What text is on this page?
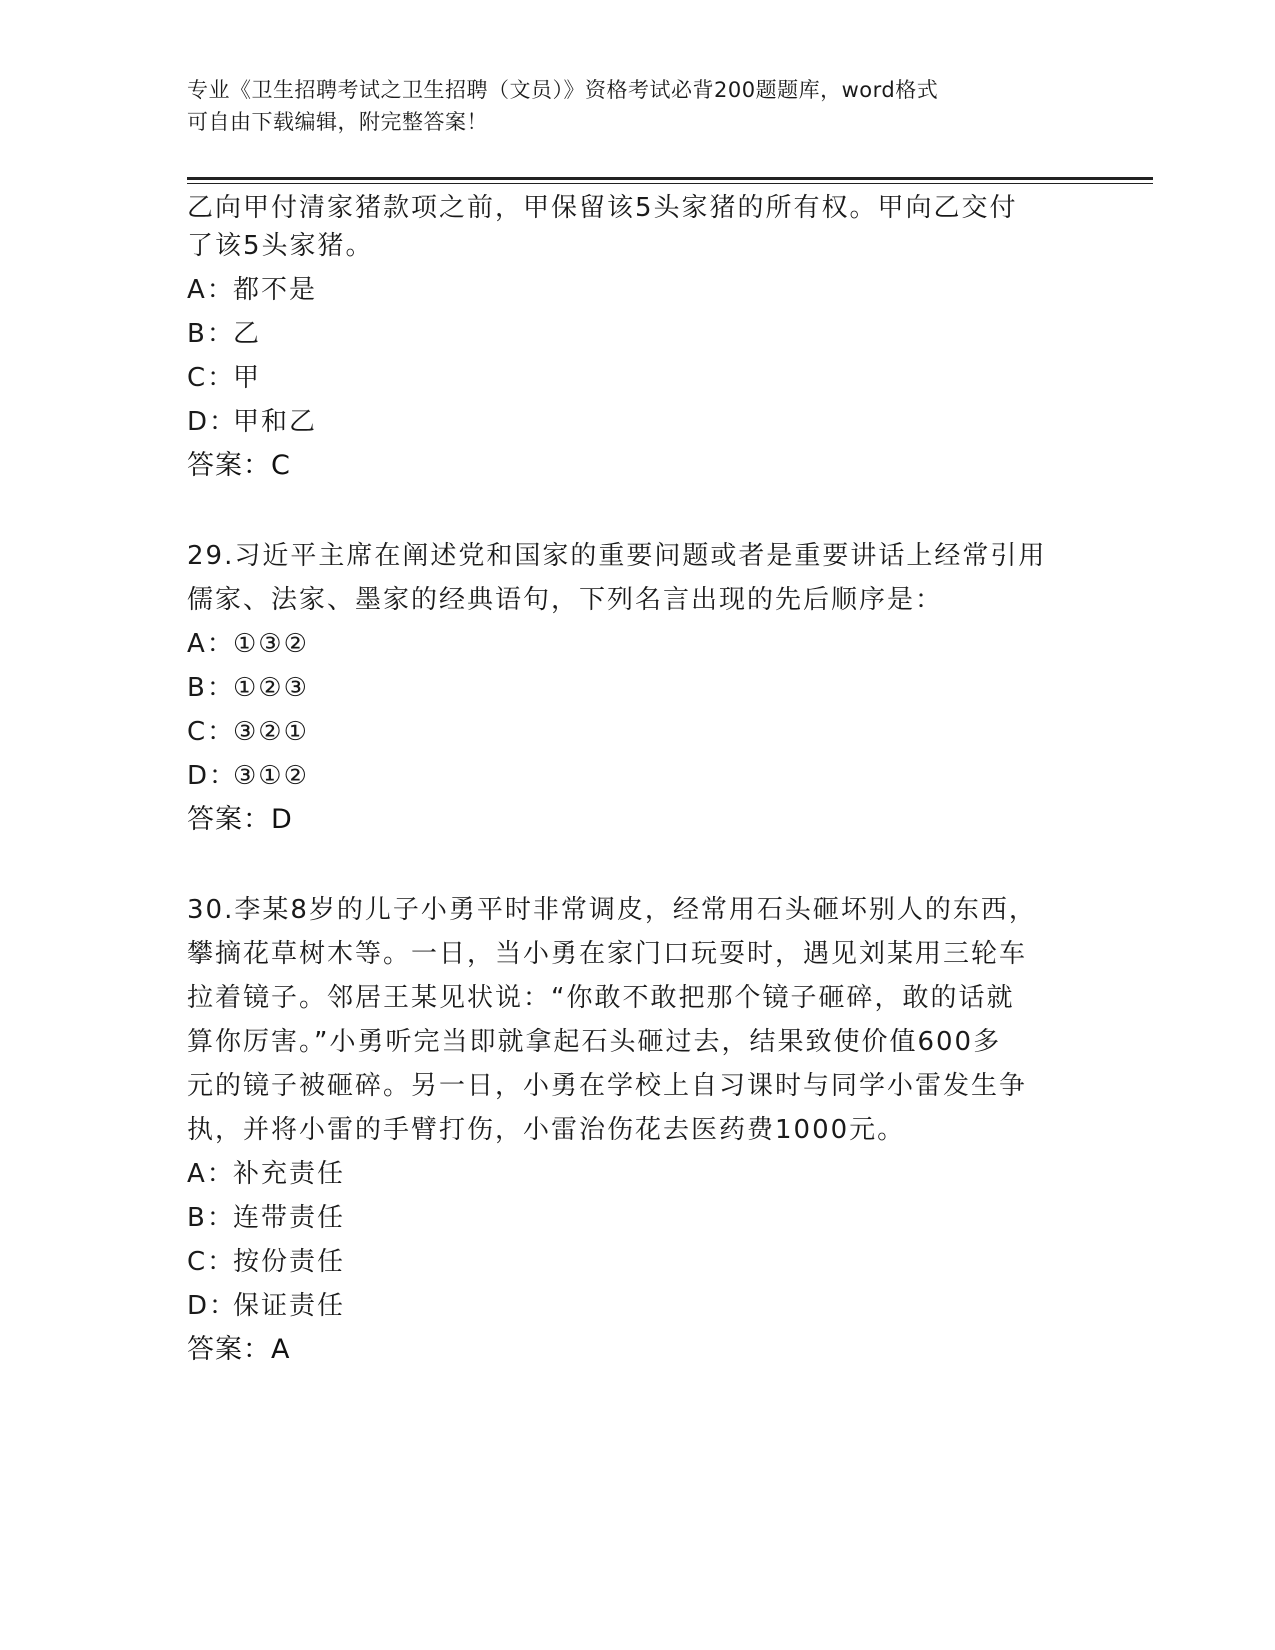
专业《卫生招聘考试之卫生招聘（文员）》资格考试必背200题题库，word格式
可自由下载编辑，附完整答案！
乙向甲付清家猪款项之前，甲保留该5头家猪的所有权。甲向乙交付
了该5头家猪。
A：都不是
B：乙
C：甲
D：甲和乙
答案：C
29.习近平主席在阐述党和国家的重要问题或者是重要讲话上经常引用
儒家、法家、墨家的经典语句，下列名言出现的先后顺序是：
A：①③②
B：①②③
C：③②①
D：③①②
答案：D
30.李某8岁的儿子小勇平时非常调皮，经常用石头砸坏别人的东西，
攀摘花草树木等。一日，当小勇在家门口玩耍时，遇见刘某用三轮车
拉着镜子。邻居王某见状说：“你敢不敢把那个镜子砸碎，敢的话就
算你厉害。”小勇听完当即就拿起石头砸过去，结果致使价值600多
元的镜子被砸碎。另一日，小勇在学校上自习课时与同学小雷发生争
执，并将小雷的手臂打伤，小雷治伤花去医药费1000元。
A：补充责任
B：连带责任
C：按份责任
D：保证责任
答案：A
